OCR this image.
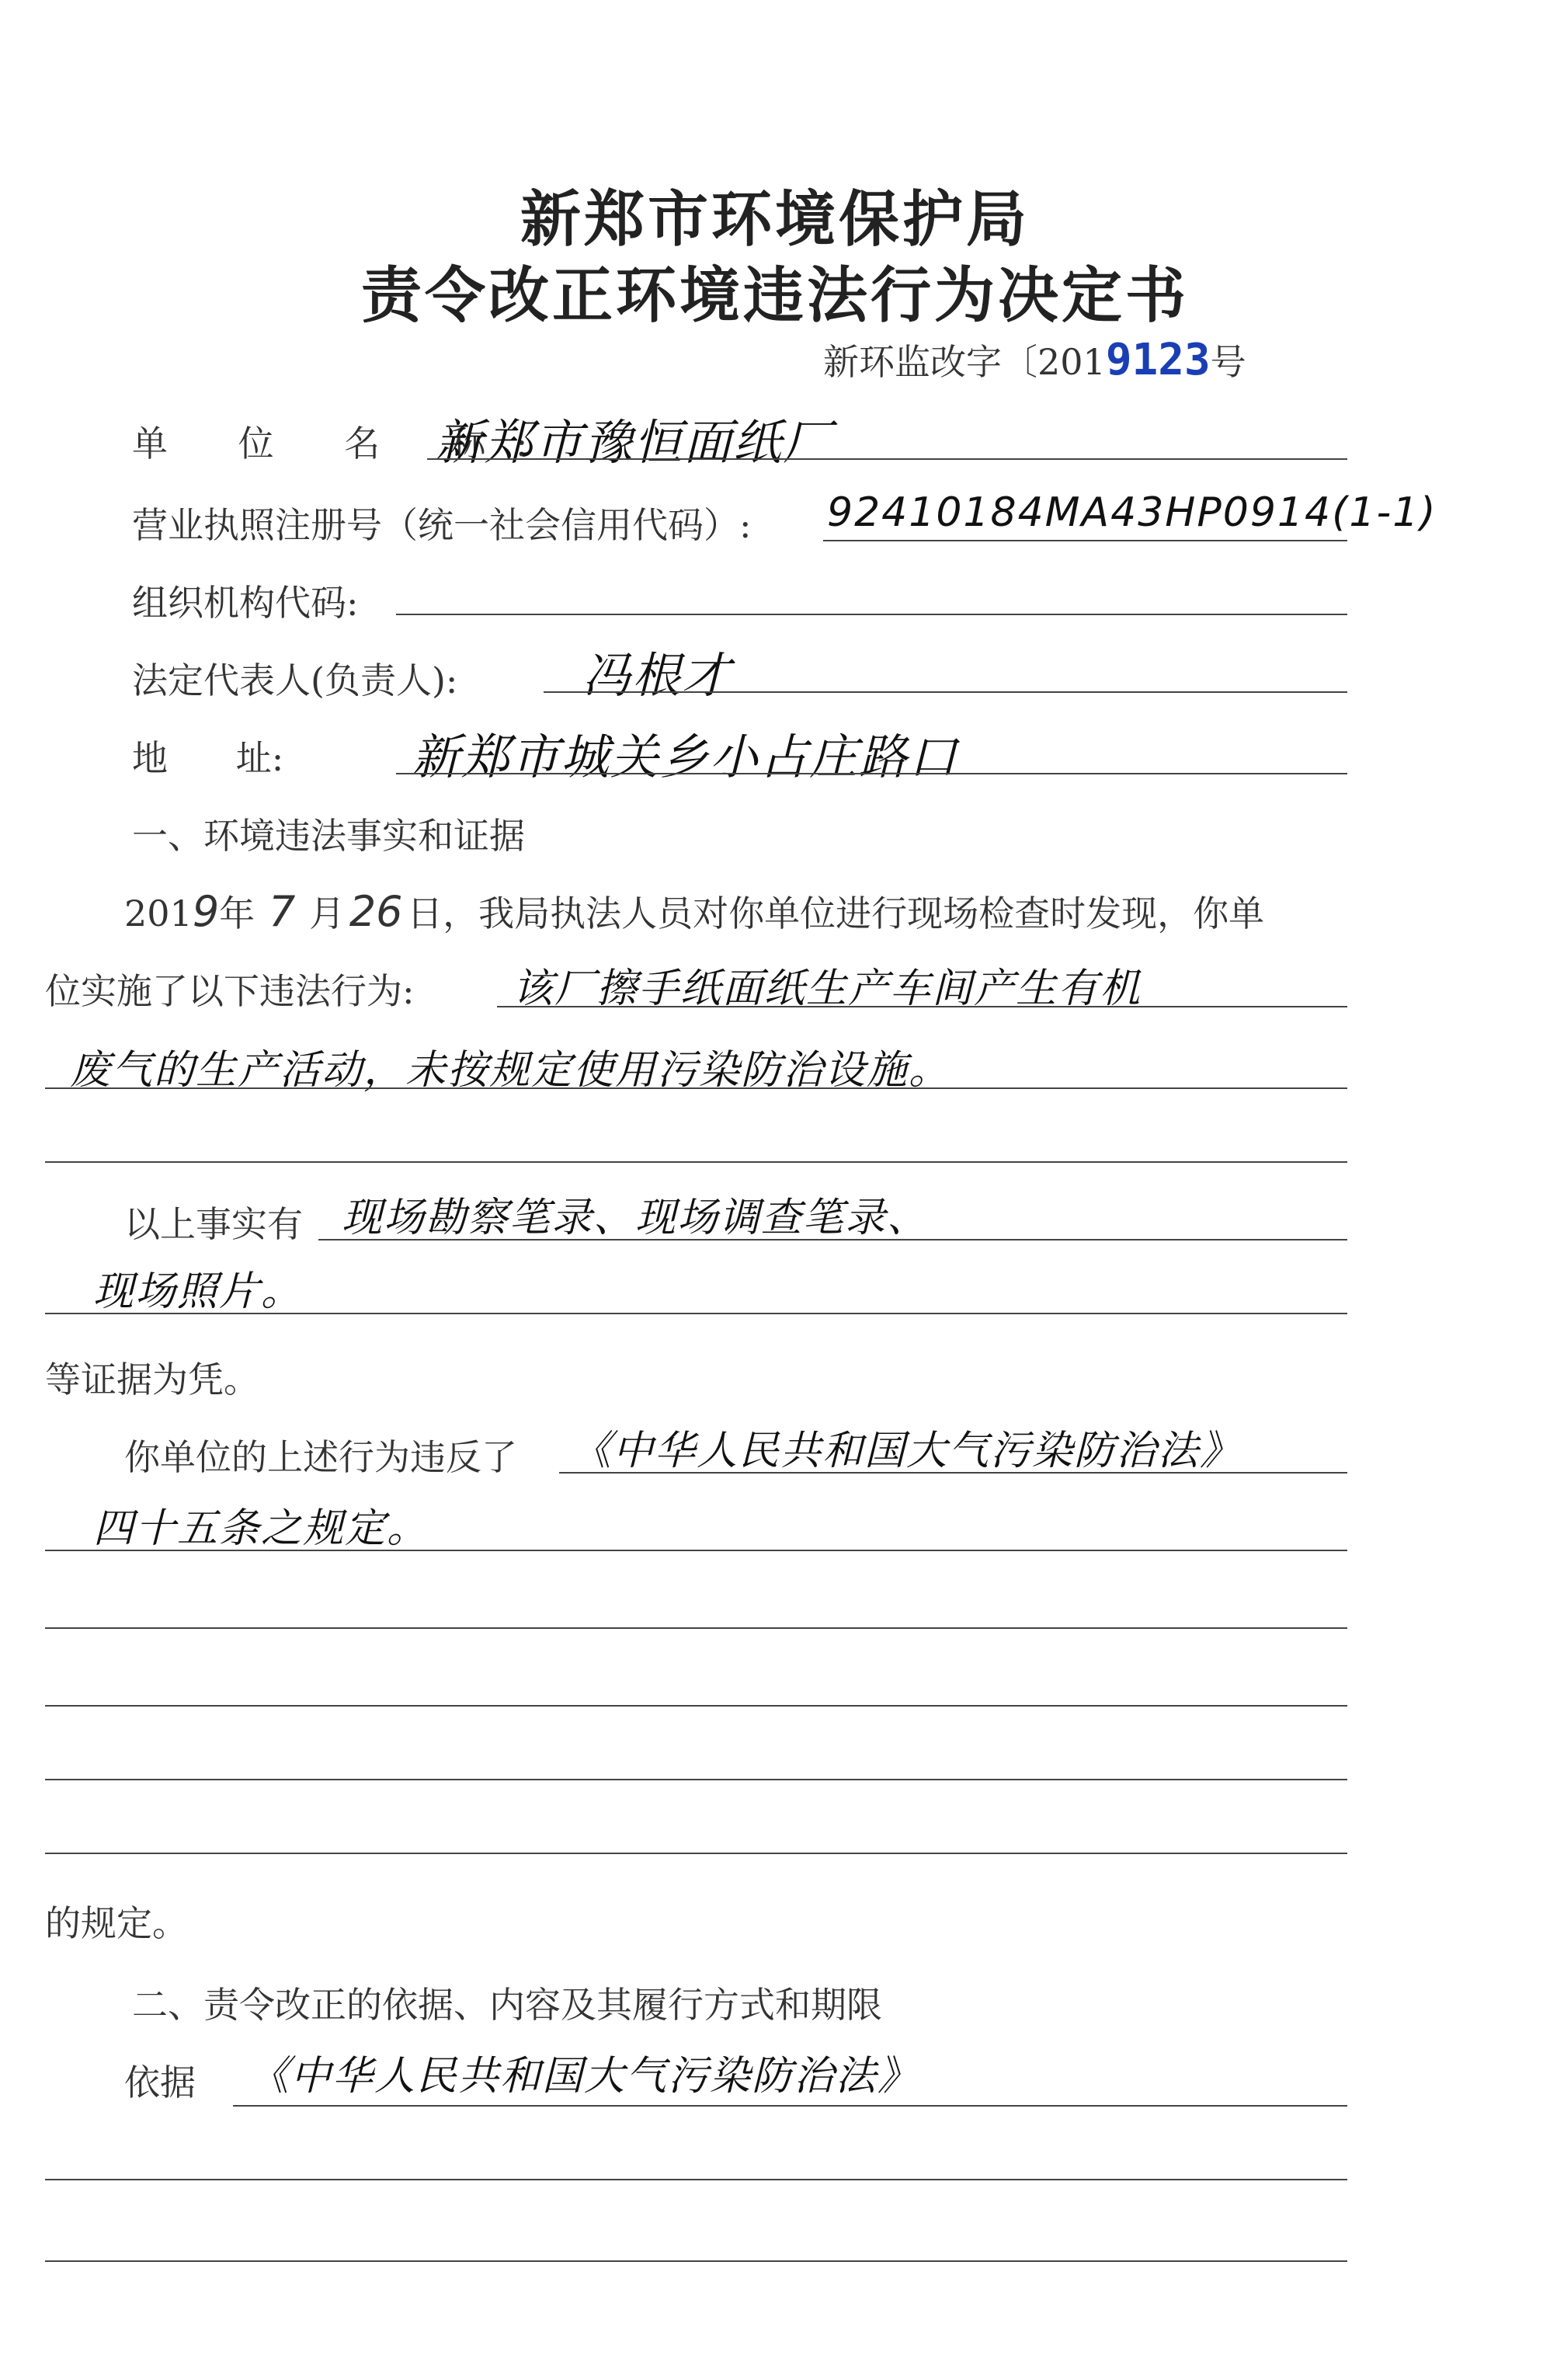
新郑市环境保护局
责令改正环境违法行为决定书
新环监改字〔2019123号
单 位 名 称:
新郑市豫恒面纸厂
营业执照注册号（统一社会信用代码）: 92410184MA43HP0914(1-1)
组织机构代码:
法定代表人(负责人):	冯根才
地      址:	新郑市城关乡小占庄路口
一、环境违法事实和证据
2019年 7 月 26 日，我局执法人员对你单位进行现场检查时发现，你单
位实施了以下违法行为: 该厂擦手纸面纸生产车间产生有机
废气的生产活动，未按规定使用污染防治设施。
以上事实有 现场勘察笔录、现场调查笔录、
现场照片。
等证据为凭。
你单位的上述行为违反了 《中华人民共和国大气污染防治法》
四十五条之规定。
的规定。
二、责令改正的依据、内容及其履行方式和期限
依据 《中华人民共和国大气污染防治法》
